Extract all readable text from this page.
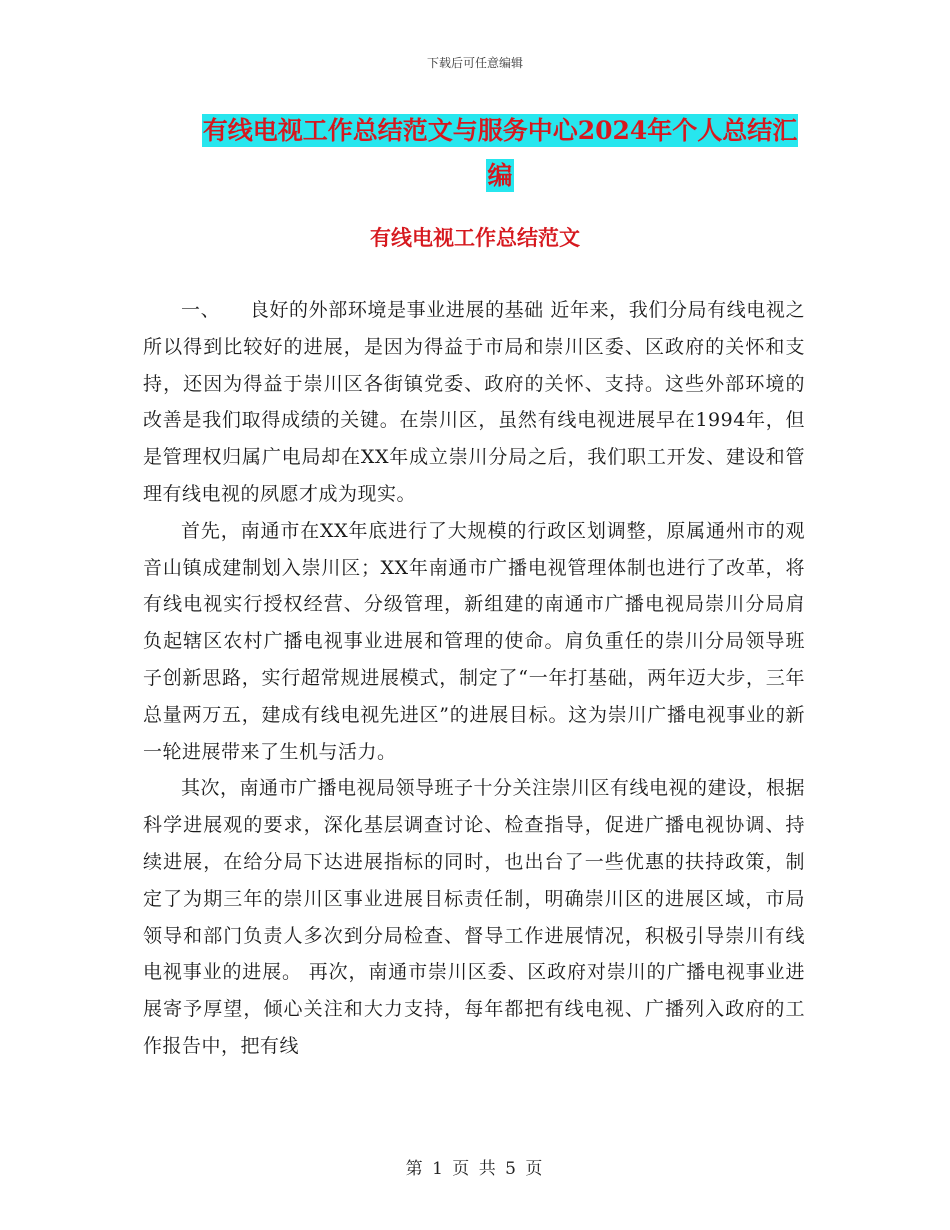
下载后可任意编辑
有线电视工作总结范文与服务中心2024年个人总结汇
编
有线电视工作总结范文

一、　　良好的外部环境是事业进展的基础 近年来，我们分局有线电视之所以得到比较好的进展，是因为得益于市局和崇川区委、区政府的关怀和支持，还因为得益于崇川区各街镇党委、政府的关怀、支持。这些外部环境的改善是我们取得成绩的关键。在崇川区，虽然有线电视进展早在1994年，但是管理权归属广电局却在XX年成立崇川分局之后，我们职工开发、建设和管理有线电视的夙愿才成为现实。

首先，南通市在XX年底进行了大规模的行政区划调整，原属通州市的观音山镇成建制划入崇川区；XX年南通市广播电视管理体制也进行了改革，将有线电视实行授权经营、分级管理，新组建的南通市广播电视局崇川分局肩负起辖区农村广播电视事业进展和管理的使命。肩负重任的崇川分局领导班子创新思路，实行超常规进展模式，制定了“一年打基础，两年迈大步，三年总量两万五，建成有线电视先进区”的进展目标。这为崇川广播电视事业的新一轮进展带来了生机与活力。

其次，南通市广播电视局领导班子十分关注崇川区有线电视的建设，根据科学进展观的要求，深化基层调查讨论、检查指导，促进广播电视协调、持续进展，在给分局下达进展指标的同时，也出台了一些优惠的扶持政策，制定了为期三年的崇川区事业进展目标责任制，明确崇川区的进展区域，市局领导和部门负责人多次到分局检查、督导工作进展情况，积极引导崇川有线电视事业的进展。 再次，南通市崇川区委、区政府对崇川的广播电视事业进展寄予厚望，倾心关注和大力支持，每年都把有线电视、广播列入政府的工作报告中，把有线

第 1 页 共 5 页
